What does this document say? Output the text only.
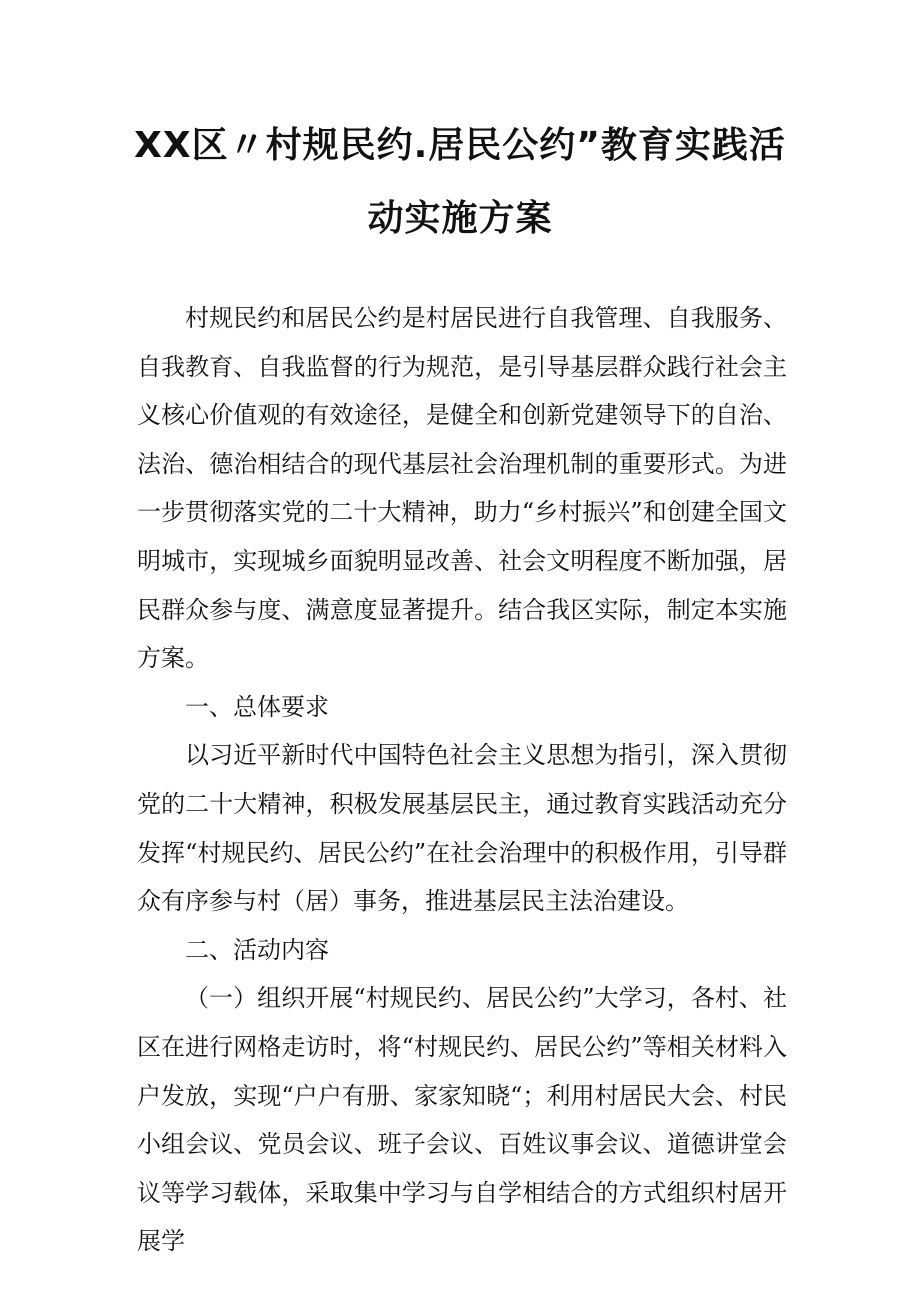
XX区〃村规民约.居民公约”教育实践活
动实施方案

村规民约和居民公约是村居民进行自我管理、自我服务、自我教育、自我监督的行为规范，是引导基层群众践行社会主义核心价值观的有效途径，是健全和创新党建领导下的自治、法治、德治相结合的现代基层社会治理机制的重要形式。为进一步贯彻落实党的二十大精神，助力“乡村振兴”和创建全国文明城市，实现城乡面貌明显改善、社会文明程度不断加强，居民群众参与度、满意度显著提升。结合我区实际，制定本实施方案。

一、总体要求

以习近平新时代中国特色社会主义思想为指引，深入贯彻党的二十大精神，积极发展基层民主，通过教育实践活动充分发挥“村规民约、居民公约”在社会治理中的积极作用，引导群众有序参与村（居）事务，推进基层民主法治建设。

二、活动内容

（一）组织开展“村规民约、居民公约”大学习，各村、社区在进行网格走访时，将“村规民约、居民公约”等相关材料入户发放，实现“户户有册、家家知晓“；利用村居民大会、村民小组会议、党员会议、班子会议、百姓议事会议、道德讲堂会议等学习载体，采取集中学习与自学相结合的方式组织村居开展学
